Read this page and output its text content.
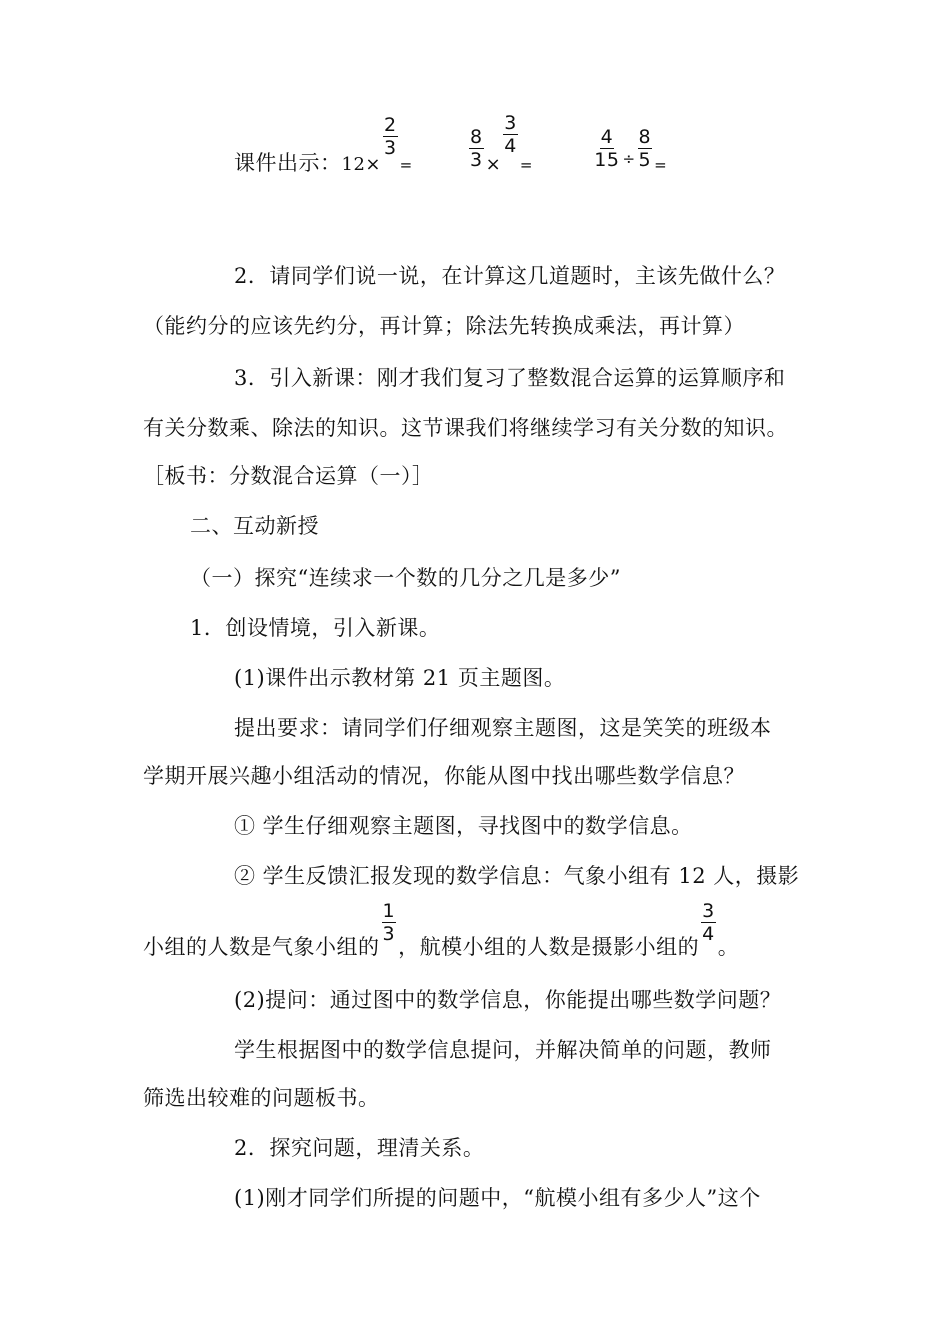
课件出示：12×
$\frac{2}{3}$
$_=$	$\frac{8}{3}$ ×
$\frac{3}{4}$
$_=$	$\frac{4}{15} _\div \frac{8}{5} _=$
2．请同学们说一说，在计算这几道题时，主该先做什么？
（能约分的应该先约分，再计算；除法先转换成乘法，再计算）
3．引入新课：刚才我们复习了整数混合运算的运算顺序和
有关分数乘、除法的知识。这节课我们将继续学习有关分数的知识。
［板书：分数混合运算（一）］
二、互动新授
（一）探究“连续求一个数的几分之几是多少”
1．创设情境，引入新课。
(1)课件出示教材第 21 页主题图。
提出要求：请同学们仔细观察主题图，这是笑笑的班级本
学期开展兴趣小组活动的情况，你能从图中找出哪些数学信息？
① 学生仔细观察主题图，寻找图中的数学信息。
② 学生反馈汇报发现的数学信息：气象小组有 12 人，摄影
小组的人数是气象小组的
$\frac{1}{3}$
，航模小组的人数是摄影小组的
$\frac{3}{4}$
。
(2)提问：通过图中的数学信息，你能提出哪些数学问题？
学生根据图中的数学信息提问，并解决简单的问题，教师
筛选出较难的问题板书。
2．探究问题，理清关系。
(1)刚才同学们所提的问题中，“航模小组有多少人”这个
